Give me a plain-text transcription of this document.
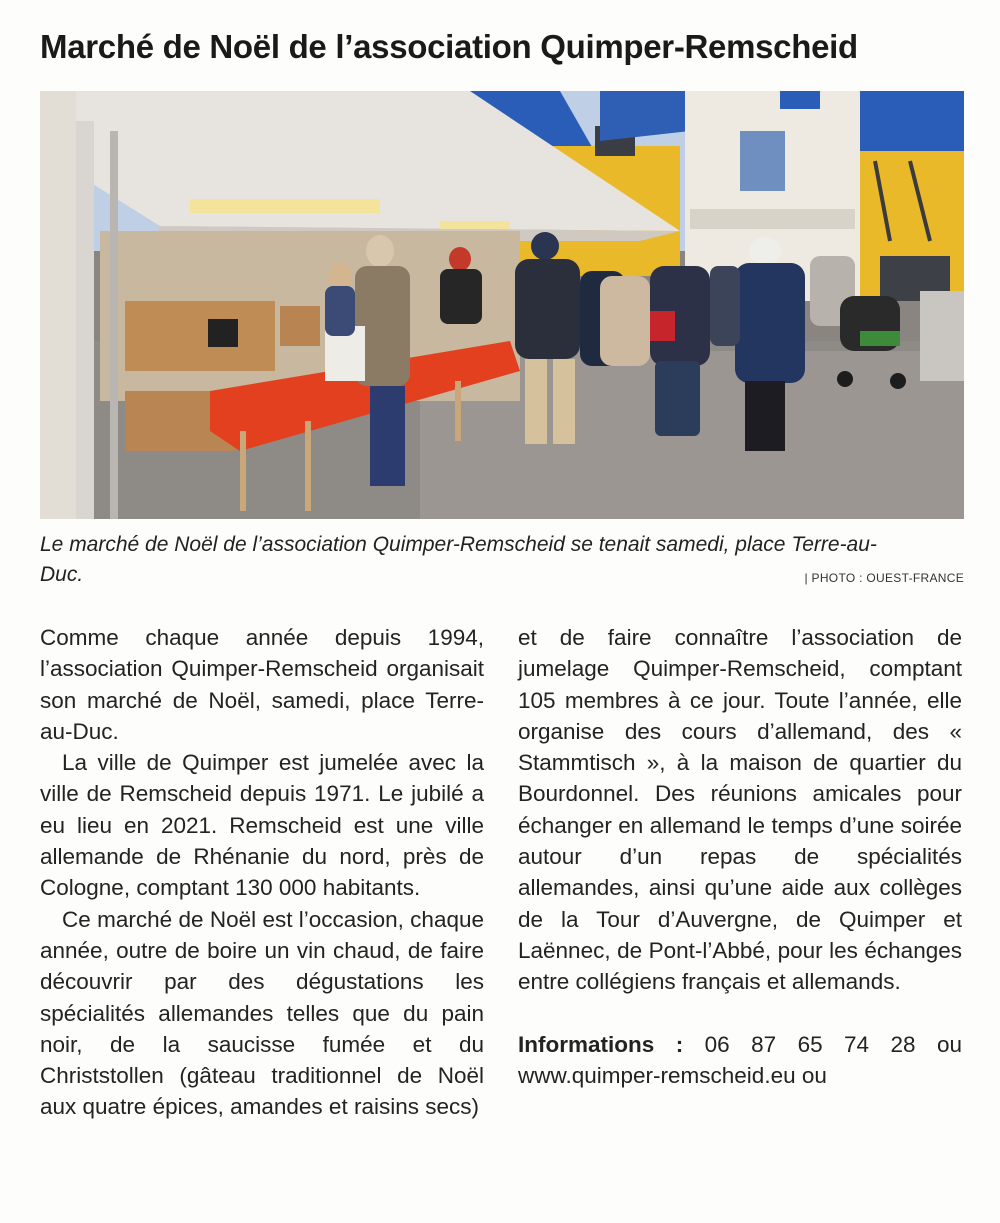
Marché de Noël de l’association Quimper-Remscheid
Le marché de Noël de l’association Quimper-Remscheid se tenait samedi, place Terre-au-Duc.	| PHOTO : OUEST-FRANCE

Comme chaque année depuis 1994, l’association Quimper-Remscheid organisait son marché de Noël, samedi, place Terre-au-Duc.

La ville de Quimper est jumelée avec la ville de Remscheid depuis 1971. Le jubilé a eu lieu en 2021. Remscheid est une ville allemande de Rhénanie du nord, près de Cologne, comptant 130 000 habitants.

Ce marché de Noël est l’occasion, chaque année, outre de boire un vin chaud, de faire découvrir par des dégustations les spécialités allemandes telles que du pain noir, de la saucisse fumée et du Christstollen (gâteau traditionnel de Noël aux quatre épices, amandes et raisins secs)

et de faire connaître l’association de jumelage Quimper-Remscheid, comptant 105 membres à ce jour. Toute l’année, elle organise des cours d’allemand, des « Stammtisch », à la maison de quartier du Bourdonnel. Des réunions amicales pour échanger en allemand le temps d’une soirée autour d’un repas de spécialités allemandes, ainsi qu’une aide aux collèges de la Tour d’Auvergne, de Quimper et Laënnec, de Pont-l’Abbé, pour les échanges entre collégiens français et allemands.

Informations : 06 87 65 74 28 ou www.quimper-remscheid.eu ou
